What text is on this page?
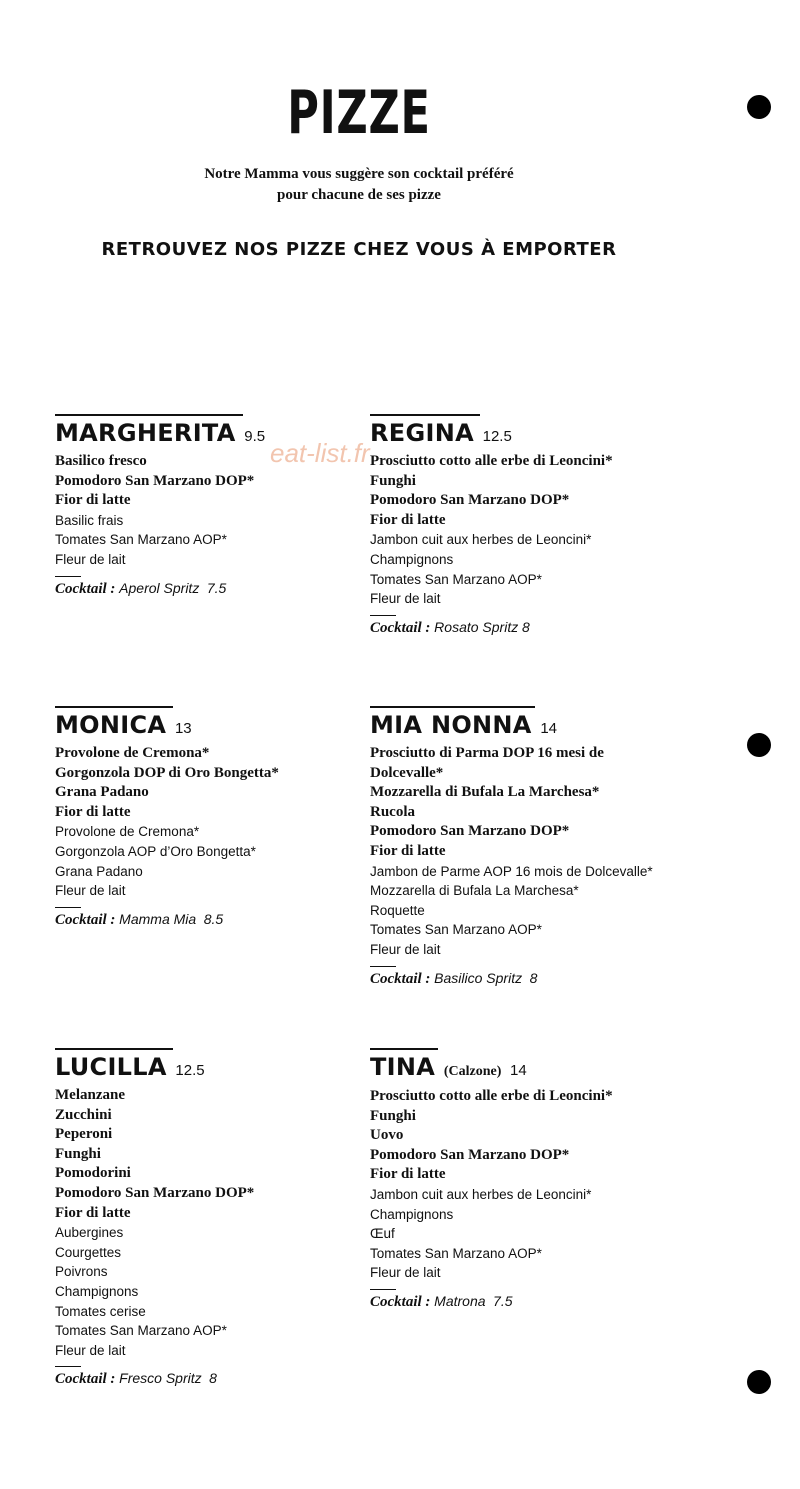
PIZZE
Notre Mamma vous suggère son cocktail préféré
pour chacune de ses pizze
RETROUVEZ NOS PIZZE CHEZ VOUS À EMPORTER
MARGHERITA 9.5
Basilico fresco
Pomodoro San Marzano DOP*
Fior di latte
Basilic frais
Tomates San Marzano AOP*
Fleur de lait
Cocktail : Aperol Spritz 7.5
REGINA 12.5
Prosciutto cotto alle erbe di Leoncini*
Funghi
Pomodoro San Marzano DOP*
Fior di latte
Jambon cuit aux herbes de Leoncini*
Champignons
Tomates San Marzano AOP*
Fleur de lait
Cocktail : Rosato Spritz 8
MONICA 13
Provolone de Cremona*
Gorgonzola DOP di Oro Bongetta*
Grana Padano
Fior di latte
Provolone de Cremona*
Gorgonzola AOP d’Oro Bongetta*
Grana Padano
Fleur de lait
Cocktail : Mamma Mia 8.5
MIA NONNA 14
Prosciutto di Parma DOP 16 mesi de
Dolcevalle*
Mozzarella di Bufala La Marchesa*
Rucola
Pomodoro San Marzano DOP*
Fior di latte
Jambon de Parme AOP 16 mois de Dolcevalle*
Mozzarella di Bufala La Marchesa*
Roquette
Tomates San Marzano AOP*
Fleur de lait
Cocktail : Basilico Spritz 8
LUCILLA 12.5
Melanzane
Zucchini
Peperoni
Funghi
Pomodorini
Pomodoro San Marzano DOP*
Fior di latte
Aubergines
Courgettes
Poivrons
Champignons
Tomates cerise
Tomates San Marzano AOP*
Fleur de lait
Cocktail : Fresco Spritz 8
TINA (Calzone) 14
Prosciutto cotto alle erbe di Leoncini*
Funghi
Uovo
Pomodoro San Marzano DOP*
Fior di latte
Jambon cuit aux herbes de Leoncini*
Champignons
Œuf
Tomates San Marzano AOP*
Fleur de lait
Cocktail : Matrona 7.5
eat-list.fr
